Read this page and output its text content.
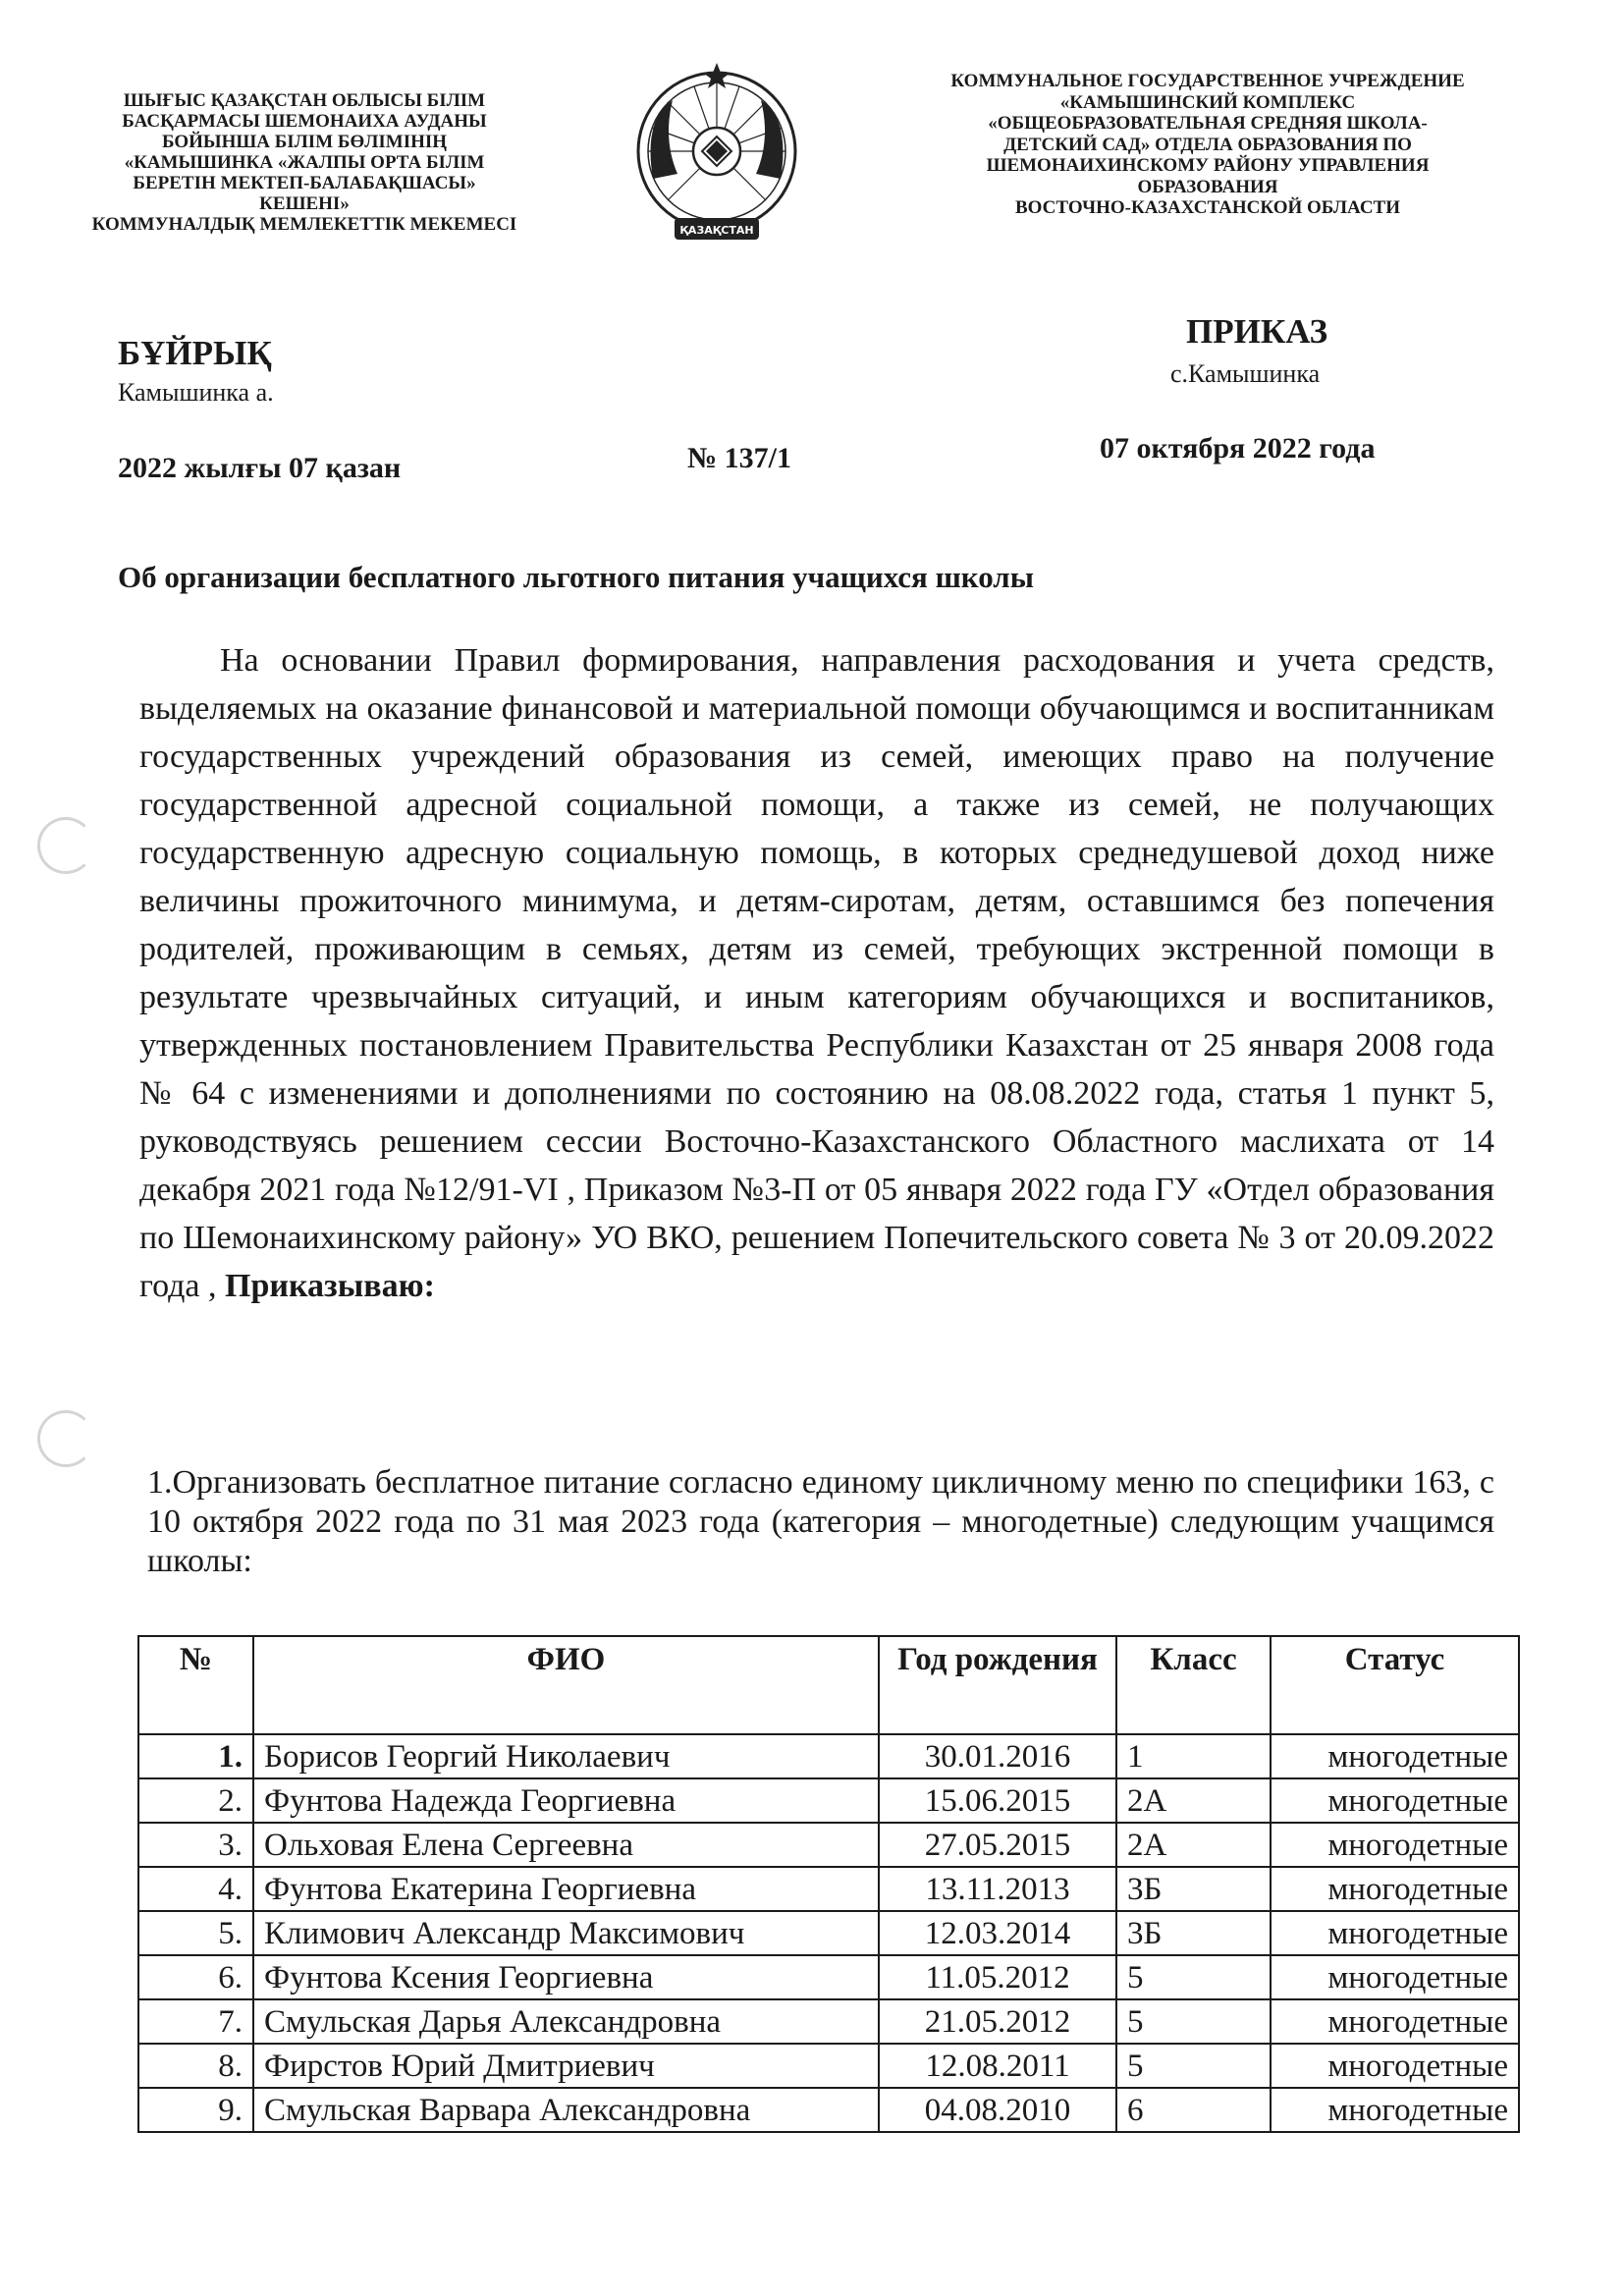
ШЫҒЫС ҚАЗАҚСТАН ОБЛЫСЫ БІЛІМ
БАСҚАРМАСЫ ШЕМОНАИХА АУДАНЫ
БОЙЫНША БІЛІМ БӨЛІМІНІҢ
«КАМЫШИНКА «ЖАЛПЫ ОРТА БІЛІМ
БЕРЕТІН МЕКТЕП-БАЛАБАҚШАСЫ»
КЕШЕНІ»
КОММУНАЛДЫҚ МЕМЛЕКЕТТІК МЕКЕМЕСІ	ҚАЗАҚСТАН
КОММУНАЛЬНОЕ ГОСУДАРСТВЕННОЕ УЧРЕЖДЕНИЕ
«КАМЫШИНСКИЙ КОМПЛЕКС
«ОБЩЕОБРАЗОВАТЕЛЬНАЯ СРЕДНЯЯ ШКОЛА-
ДЕТСКИЙ САД» ОТДЕЛА ОБРАЗОВАНИЯ ПО
ШЕМОНАИХИНСКОМУ РАЙОНУ УПРАВЛЕНИЯ
ОБРАЗОВАНИЯ
ВОСТОЧНО-КАЗАХСТАНСКОЙ ОБЛАСТИ
БҰЙРЫҚ
Камышинка а.
ПРИКАЗ
с.Камышинка
2022 жылғы 07 қазан	№ 137/1	07 октября 2022 года
Об организации бесплатного льготного питания учащихся школы
На основании Правил формирования, направления расходования и учета средств, выделяемых на оказание финансовой и материальной помощи обучающимся и воспитанникам государственных учреждений образования из семей, имеющих право на получение государственной адресной социальной помощи, а также из семей, не получающих государственную адресную социальную помощь, в которых среднедушевой доход ниже величины прожиточного минимума, и детям-сиротам, детям, оставшимся без попечения родителей, проживающим в семьях, детям из семей, требующих экстренной помощи в результате чрезвычайных ситуаций, и иным категориям обучающихся и воспитаников, утвержденных постановлением Правительства Республики Казахстан от 25 января 2008 года № 64 с изменениями и дополнениями по состоянию на 08.08.2022 года, статья 1 пункт 5, руководствуясь решением сессии Восточно-Казахстанского Областного маслихата от 14 декабря 2021 года №12/91-VI , Приказом №3-П от 05 января 2022 года ГУ «Отдел образования по Шемонаихинскому району» УО ВКО, решением Попечительского совета № 3 от 20.09.2022 года , Приказываю:
1.Организовать бесплатное питание согласно единому цикличному меню по специфики 163, с 10 октября 2022 года по 31 мая 2023 года (категория – многодетные) следующим учащимся школы:
№	ФИО	Год рождения	Класс	Статус
1.	Борисов Георгий Николаевич	30.01.2016	1	многодетные
2.	Фунтова Надежда Георгиевна	15.06.2015	2А	многодетные
3.	Ольховая Елена Сергеевна	27.05.2015	2А	многодетные
4.	Фунтова Екатерина Георгиевна	13.11.2013	3Б	многодетные
5.	Климович Александр Максимович	12.03.2014	3Б	многодетные
6.	Фунтова Ксения Георгиевна	11.05.2012	5	многодетные
7.	Смульская Дарья Александровна	21.05.2012	5	многодетные
8.	Фирстов Юрий Дмитриевич	12.08.2011	5	многодетные
9.	Смульская Варвара Александровна	04.08.2010	6	многодетные
